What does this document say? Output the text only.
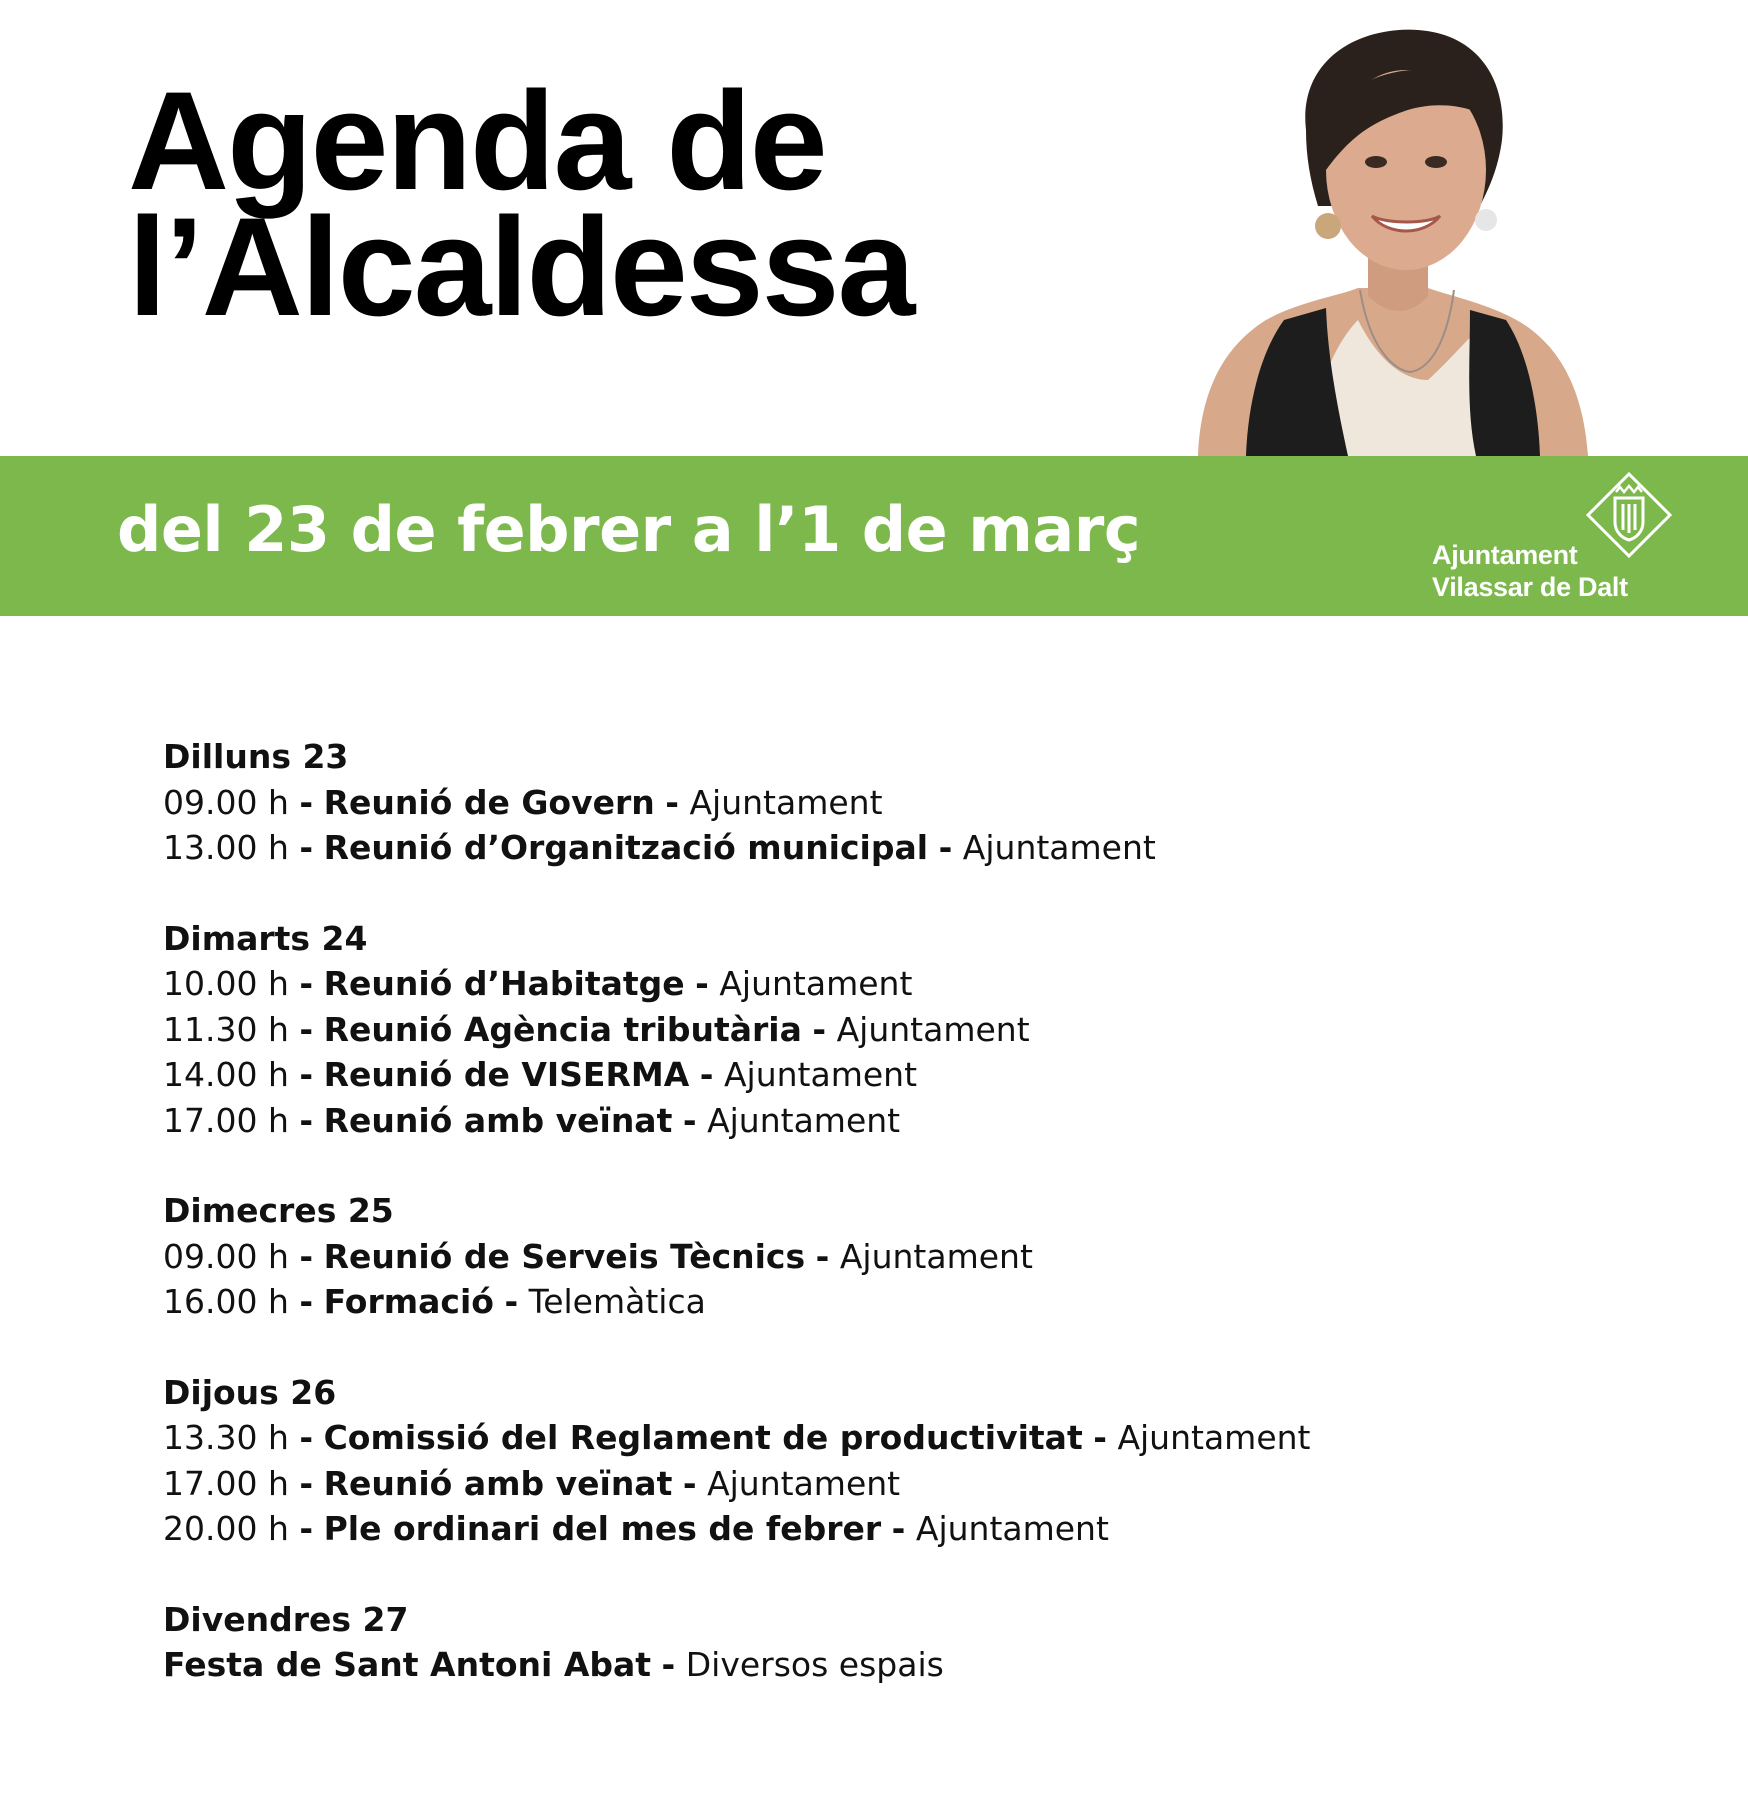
Agenda de
l’Alcaldessa
del 23 de febrer a l’1 de març	Ajuntament
Vilassar de Dalt
Dilluns 23
09.00 h - Reunió de Govern - Ajuntament
13.00 h - Reunió d’Organització municipal - Ajuntament
Dimarts 24
10.00 h - Reunió d’Habitatge - Ajuntament
11.30 h - Reunió Agència tributària - Ajuntament
14.00 h - Reunió de VISERMA - Ajuntament
17.00 h - Reunió amb veïnat - Ajuntament
Dimecres 25
09.00 h - Reunió de Serveis Tècnics - Ajuntament
16.00 h - Formació - Telemàtica
Dijous 26
13.30 h - Comissió del Reglament de productivitat - Ajuntament
17.00 h - Reunió amb veïnat - Ajuntament
20.00 h - Ple ordinari del mes de febrer - Ajuntament
Divendres 27
Festa de Sant Antoni Abat - Diversos espais
